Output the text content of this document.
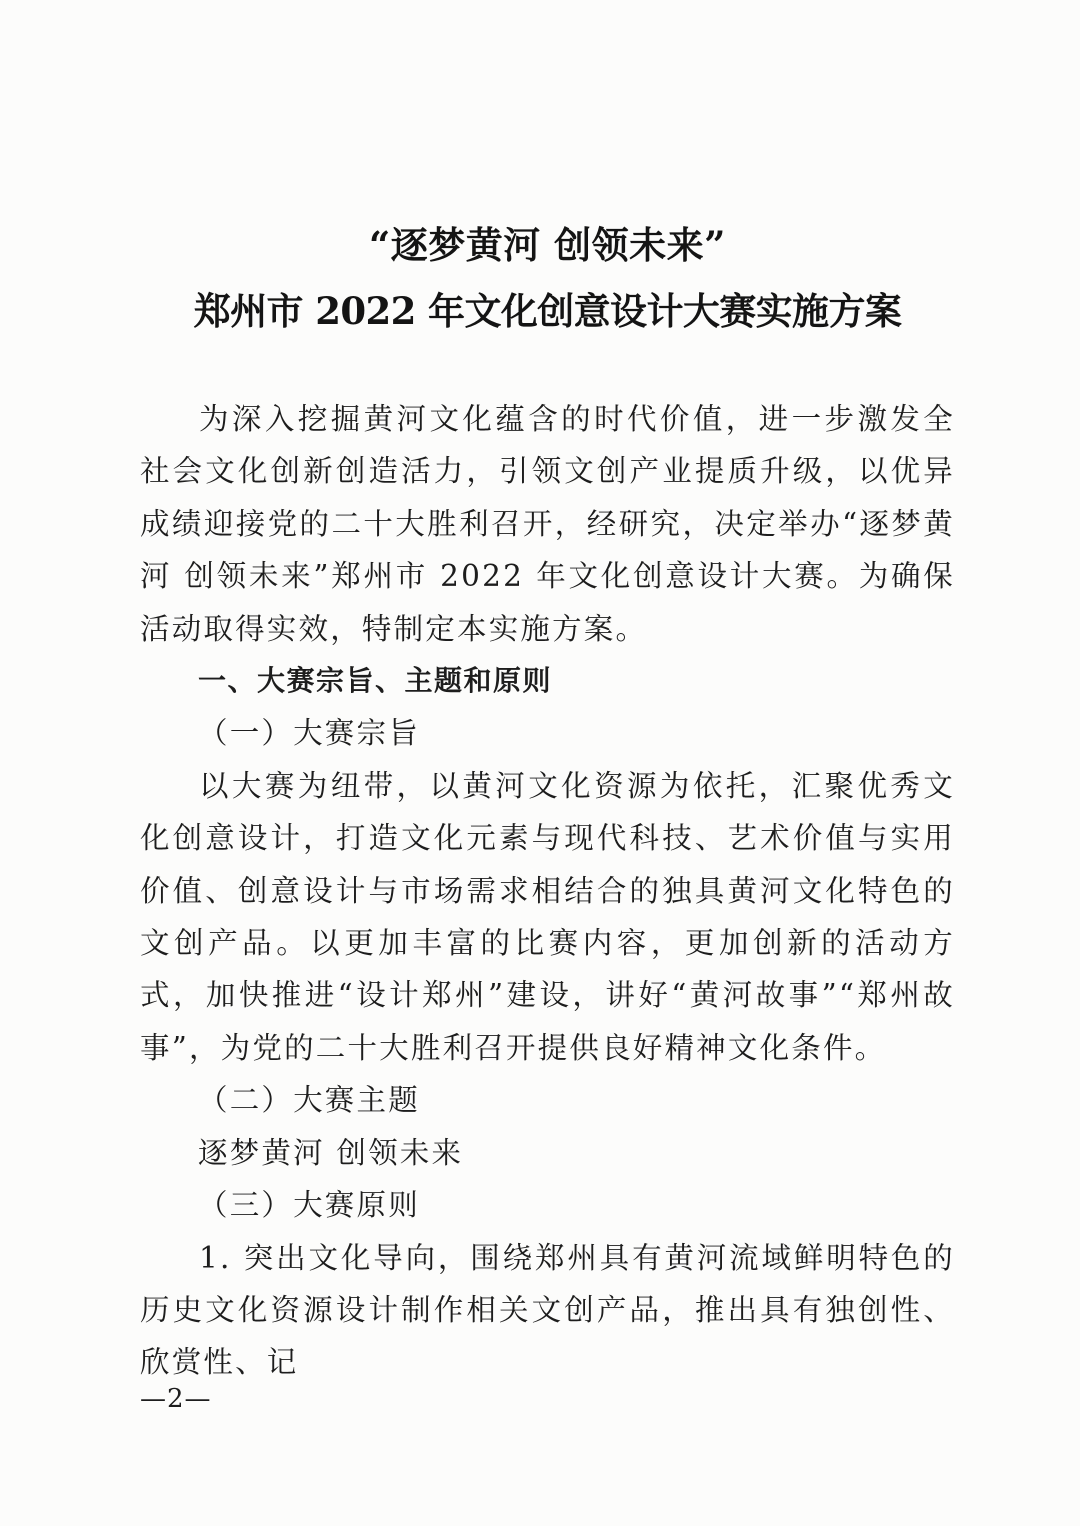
“逐梦黄河 创领未来”
郑州市 2022 年文化创意设计大赛实施方案

为深入挖掘黄河文化蕴含的时代价值，进一步激发全社会文化创新创造活力，引领文创产业提质升级，以优异成绩迎接党的二十大胜利召开，经研究，决定举办“逐梦黄河 创领未来”郑州市 2022 年文化创意设计大赛。为确保活动取得实效，特制定本实施方案。

一、大赛宗旨、主题和原则

（一）大赛宗旨

以大赛为纽带，以黄河文化资源为依托，汇聚优秀文化创意设计，打造文化元素与现代科技、艺术价值与实用价值、创意设计与市场需求相结合的独具黄河文化特色的文创产品。以更加丰富的比赛内容，更加创新的活动方式，加快推进“设计郑州”建设，讲好“黄河故事”“郑州故事”，为党的二十大胜利召开提供良好精神文化条件。

（二）大赛主题

逐梦黄河 创领未来

（三）大赛原则

1. 突出文化导向，围绕郑州具有黄河流域鲜明特色的历史文化资源设计制作相关文创产品，推出具有独创性、欣赏性、记

—2—
